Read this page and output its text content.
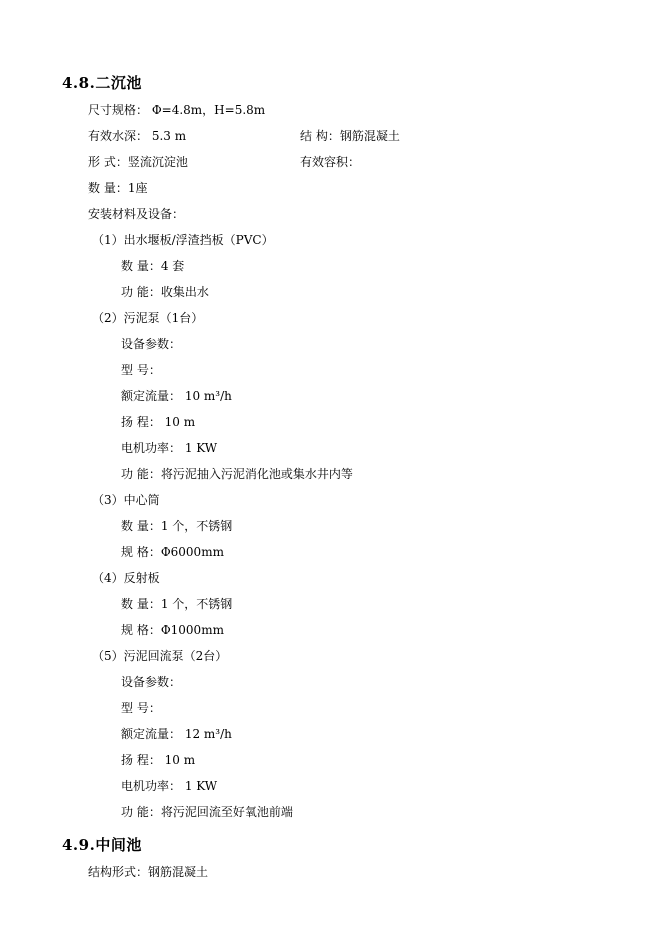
4.8.二沉池
尺寸规格： Φ=4.8m，H=5.8m
有效水深： 5.3 m	结 构：钢筋混凝土
形 式：竖流沉淀池	有效容积：
数 量：1座
安装材料及设备：
（1）出水堰板/浮渣挡板（PVC）
数 量：4 套
功 能：收集出水
（2）污泥泵（1台）
设备参数：
型 号：
额定流量： 10 m³/h
扬 程： 10 m
电机功率： 1 KW
功 能：将污泥抽入污泥消化池或集水井内等
（3）中心筒
数 量：1 个，不锈钢
规 格：Φ6000mm
（4）反射板
数 量：1 个，不锈钢
规 格：Φ1000mm
（5）污泥回流泵（2台）
设备参数：
型 号：
额定流量： 12 m³/h
扬 程： 10 m
电机功率： 1 KW
功 能：将污泥回流至好氧池前端
4.9.中间池
结构形式：钢筋混凝土
